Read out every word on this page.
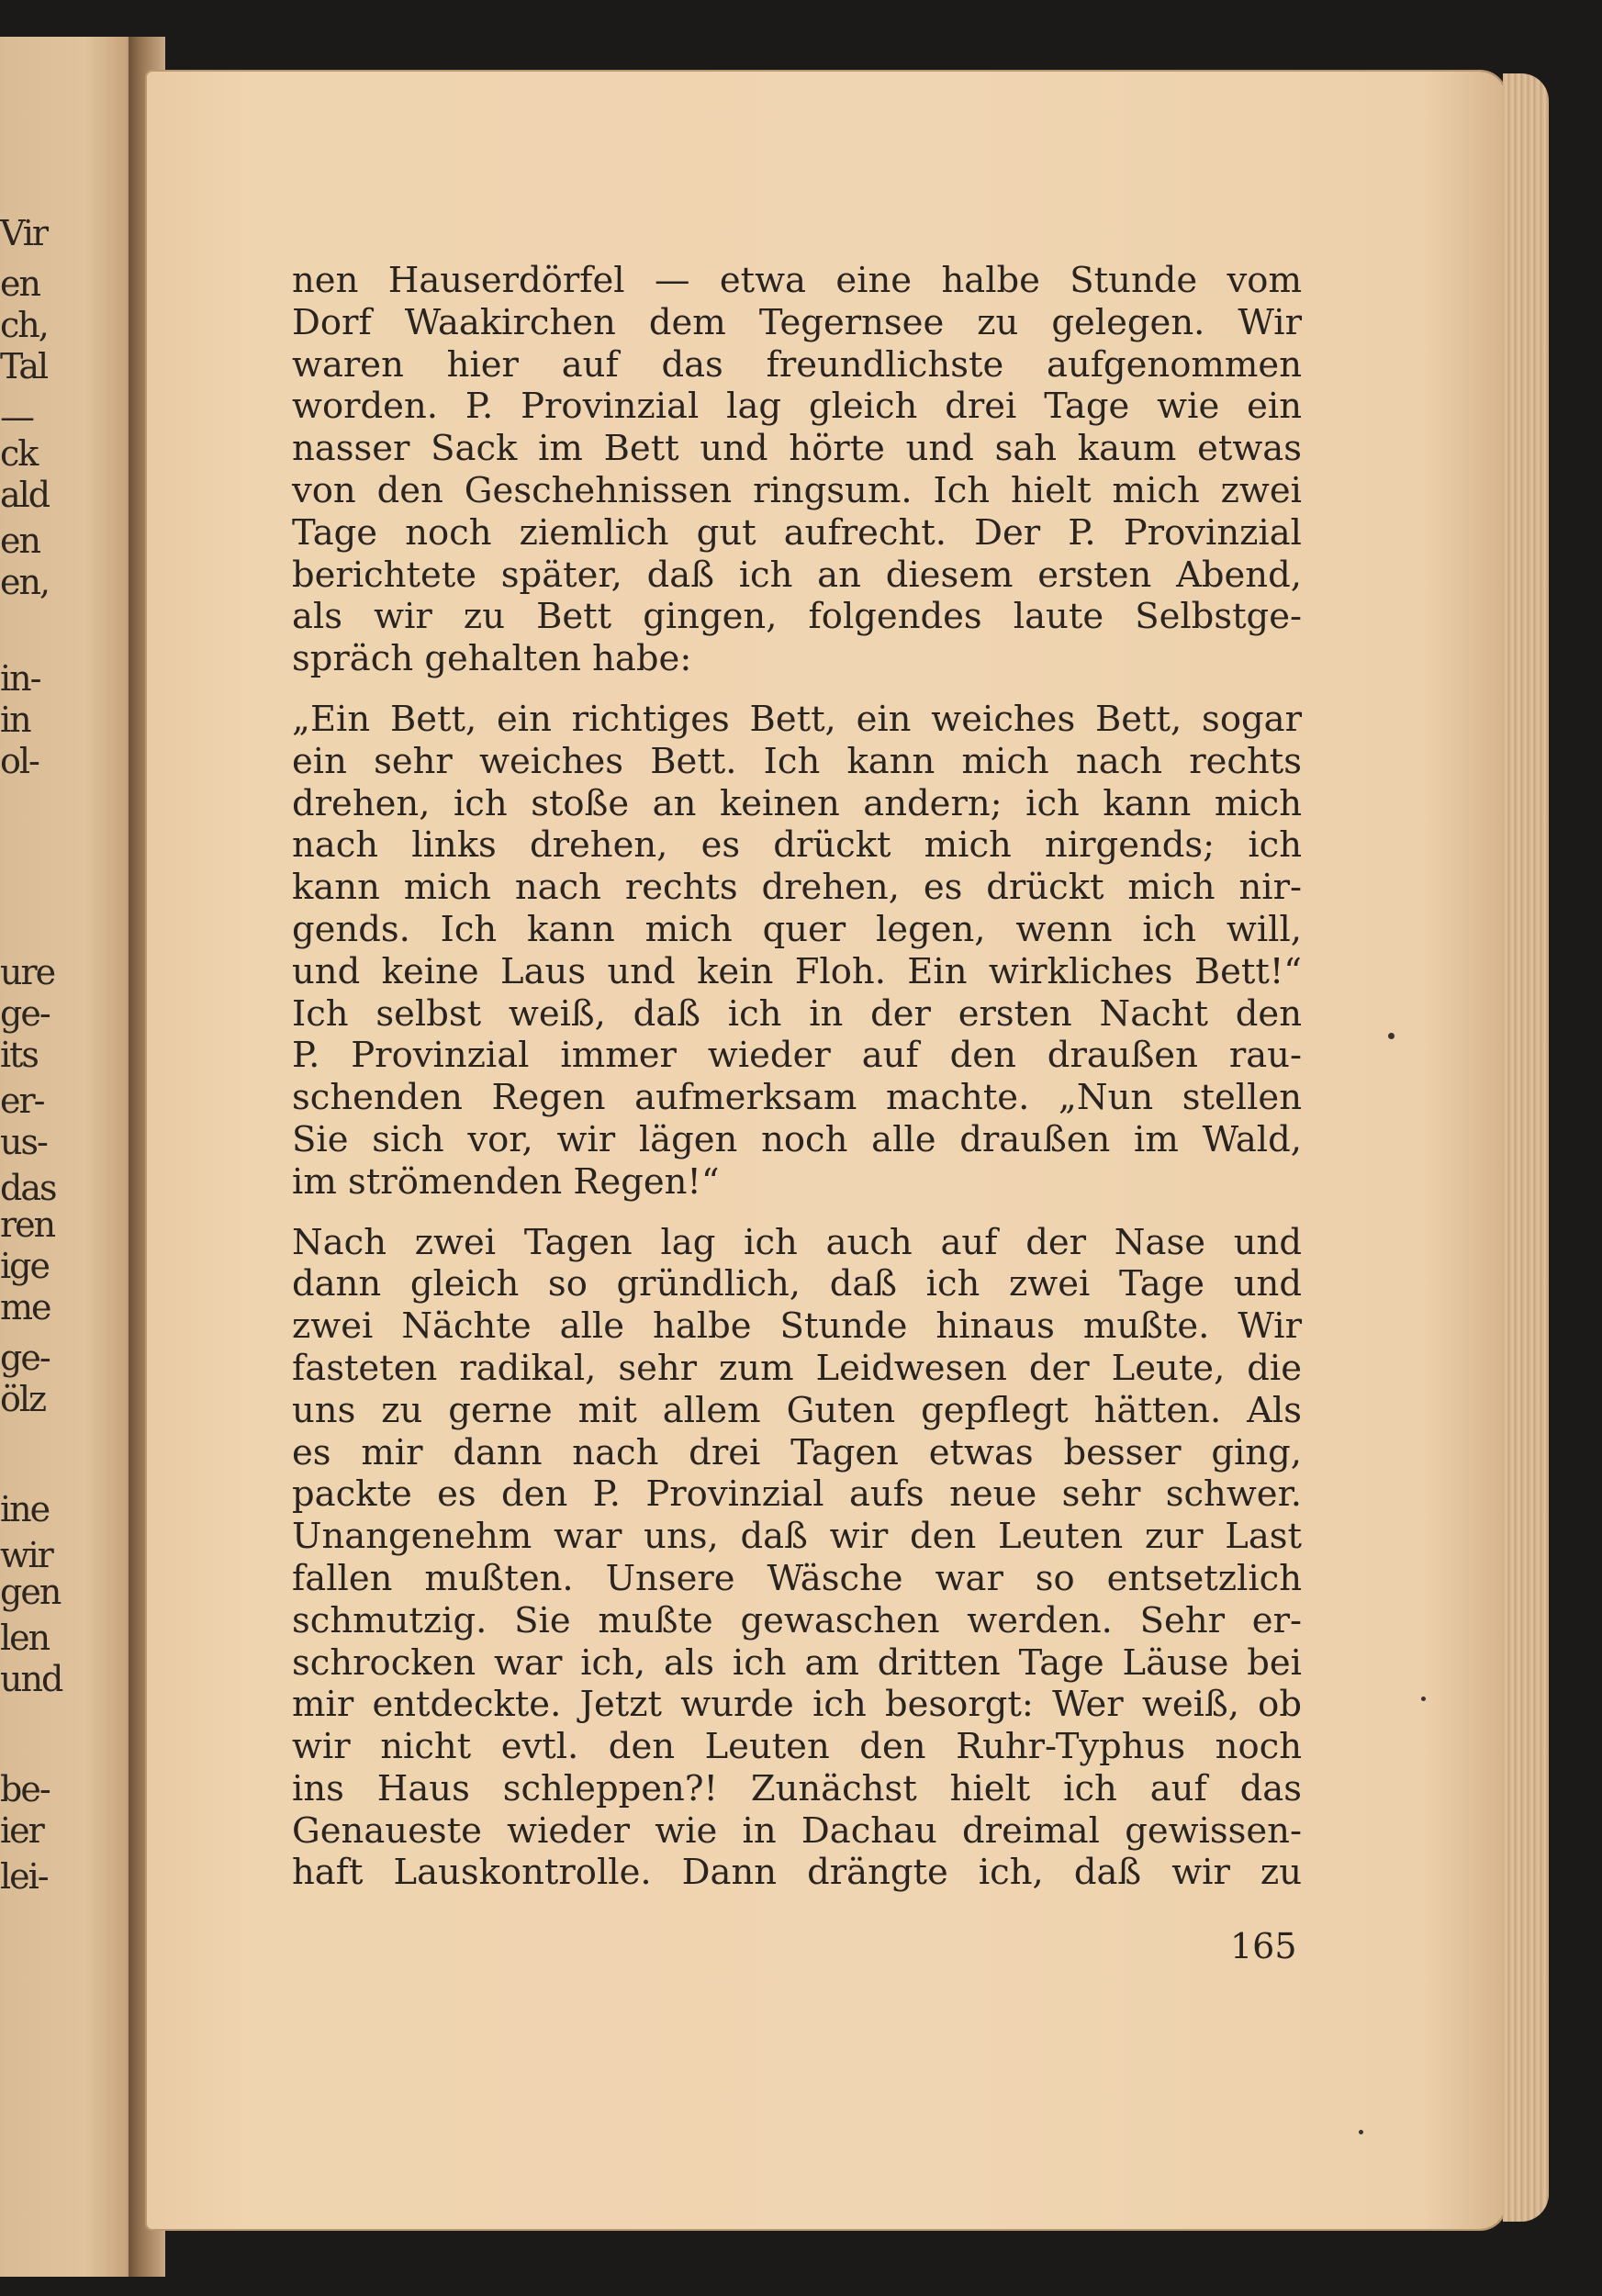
Vir
en
ch,
Tal
—
ck
ald
en
en,
in-
in
ol-
ure
ge-
its
er-
us-
das
ren
ige
me
ge-
ölz
ine
wir
gen
len
und
be-
ier
lei-
nen Hauserdörfel — etwa eine halbe Stunde vom
Dorf Waakirchen dem Tegernsee zu gelegen. Wir
waren hier auf das freundlichste aufgenommen
worden. P. Provinzial lag gleich drei Tage wie ein
nasser Sack im Bett und hörte und sah kaum etwas
von den Geschehnissen ringsum. Ich hielt mich zwei
Tage noch ziemlich gut aufrecht. Der P. Provinzial
berichtete später, daß ich an diesem ersten Abend,
als wir zu Bett gingen, folgendes laute Selbstge-
spräch gehalten habe:
„Ein Bett, ein richtiges Bett, ein weiches Bett, sogar
ein sehr weiches Bett. Ich kann mich nach rechts
drehen, ich stoße an keinen andern; ich kann mich
nach links drehen, es drückt mich nirgends; ich
kann mich nach rechts drehen, es drückt mich nir-
gends. Ich kann mich quer legen, wenn ich will,
und keine Laus und kein Floh. Ein wirkliches Bett!“
Ich selbst weiß, daß ich in der ersten Nacht den
P. Provinzial immer wieder auf den draußen rau-
schenden Regen aufmerksam machte. „Nun stellen
Sie sich vor, wir lägen noch alle draußen im Wald,
im strömenden Regen!“
Nach zwei Tagen lag ich auch auf der Nase und
dann gleich so gründlich, daß ich zwei Tage und
zwei Nächte alle halbe Stunde hinaus mußte. Wir
fasteten radikal, sehr zum Leidwesen der Leute, die
uns zu gerne mit allem Guten gepflegt hätten. Als
es mir dann nach drei Tagen etwas besser ging,
packte es den P. Provinzial aufs neue sehr schwer.
Unangenehm war uns, daß wir den Leuten zur Last
fallen mußten. Unsere Wäsche war so entsetzlich
schmutzig. Sie mußte gewaschen werden. Sehr er-
schrocken war ich, als ich am dritten Tage Läuse bei
mir entdeckte. Jetzt wurde ich besorgt: Wer weiß, ob
wir nicht evtl. den Leuten den Ruhr-Typhus noch
ins Haus schleppen?! Zunächst hielt ich auf das
Genaueste wieder wie in Dachau dreimal gewissen-
haft Lauskontrolle. Dann drängte ich, daß wir zu
165
